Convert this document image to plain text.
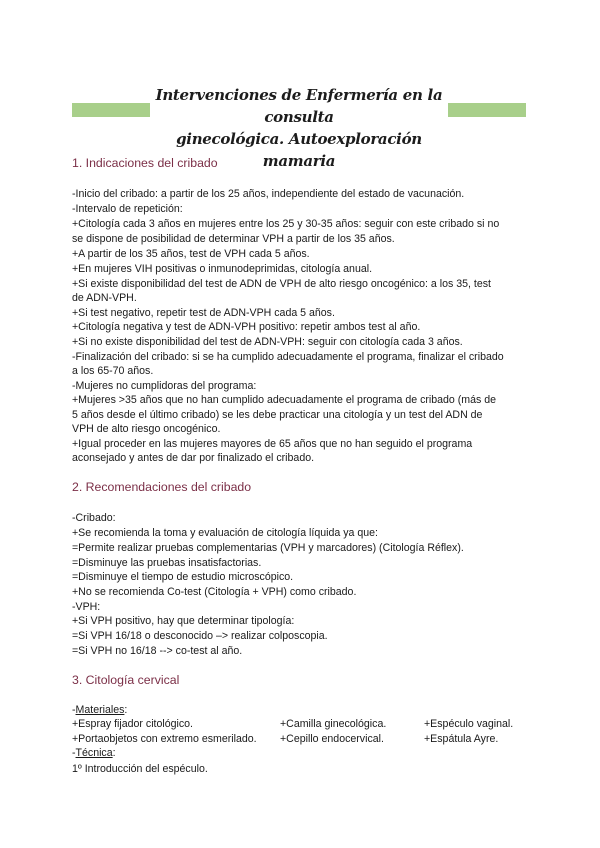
Intervenciones de Enfermería en la consulta
ginecológica. Autoexploración mamaria
1. Indicaciones del cribado
-Inicio del cribado: a partir de los 25 años, independiente del estado de vacunación.
-Intervalo de repetición:
+Citología cada 3 años en mujeres entre los 25 y 30-35 años: seguir con este cribado si no
se dispone de posibilidad de determinar VPH a partir de los 35 años.
+A partir de los 35 años, test de VPH cada 5 años.
+En mujeres VIH positivas o inmunodeprimidas, citología anual.
+Si existe disponibilidad del test de ADN de VPH de alto riesgo oncogénico: a los 35, test
de ADN-VPH.
+Si test negativo, repetir test de ADN-VPH cada 5 años.
+Citología negativa y test de ADN-VPH positivo: repetir ambos test al año.
+Si no existe disponibilidad del test de ADN-VPH: seguir con citología cada 3 años.
-Finalización del cribado: si se ha cumplido adecuadamente el programa, finalizar el cribado
a los 65-70 años.
-Mujeres no cumplidoras del programa:
+Mujeres >35 años que no han cumplido adecuadamente el programa de cribado (más de
5 años desde el último cribado) se les debe practicar una citología y un test del ADN de
VPH de alto riesgo oncogénico.
+Igual proceder en las mujeres mayores de 65 años que no han seguido el programa
aconsejado y antes de dar por finalizado el cribado.
2. Recomendaciones del cribado
-Cribado:
+Se recomienda la toma y evaluación de citología líquida ya que:
=Permite realizar pruebas complementarias (VPH y marcadores) (Citología Réflex).
=Disminuye las pruebas insatisfactorias.
=Disminuye el tiempo de estudio microscópico.
+No se recomienda Co-test (Citología + VPH) como cribado.
-VPH:
+Si VPH positivo, hay que determinar tipología:
=Si VPH 16/18 o desconocido –> realizar colposcopia.
=Si VPH no 16/18 --> co-test al año.
3. Citología cervical
-Materiales:
+Espray fijador citológico.	+Camilla ginecológica.	+Espéculo vaginal.
+Portaobjetos con extremo esmerilado. +Cepillo endocervical.	+Espátula Ayre.
-Técnica:
1º Introducción del espéculo.
